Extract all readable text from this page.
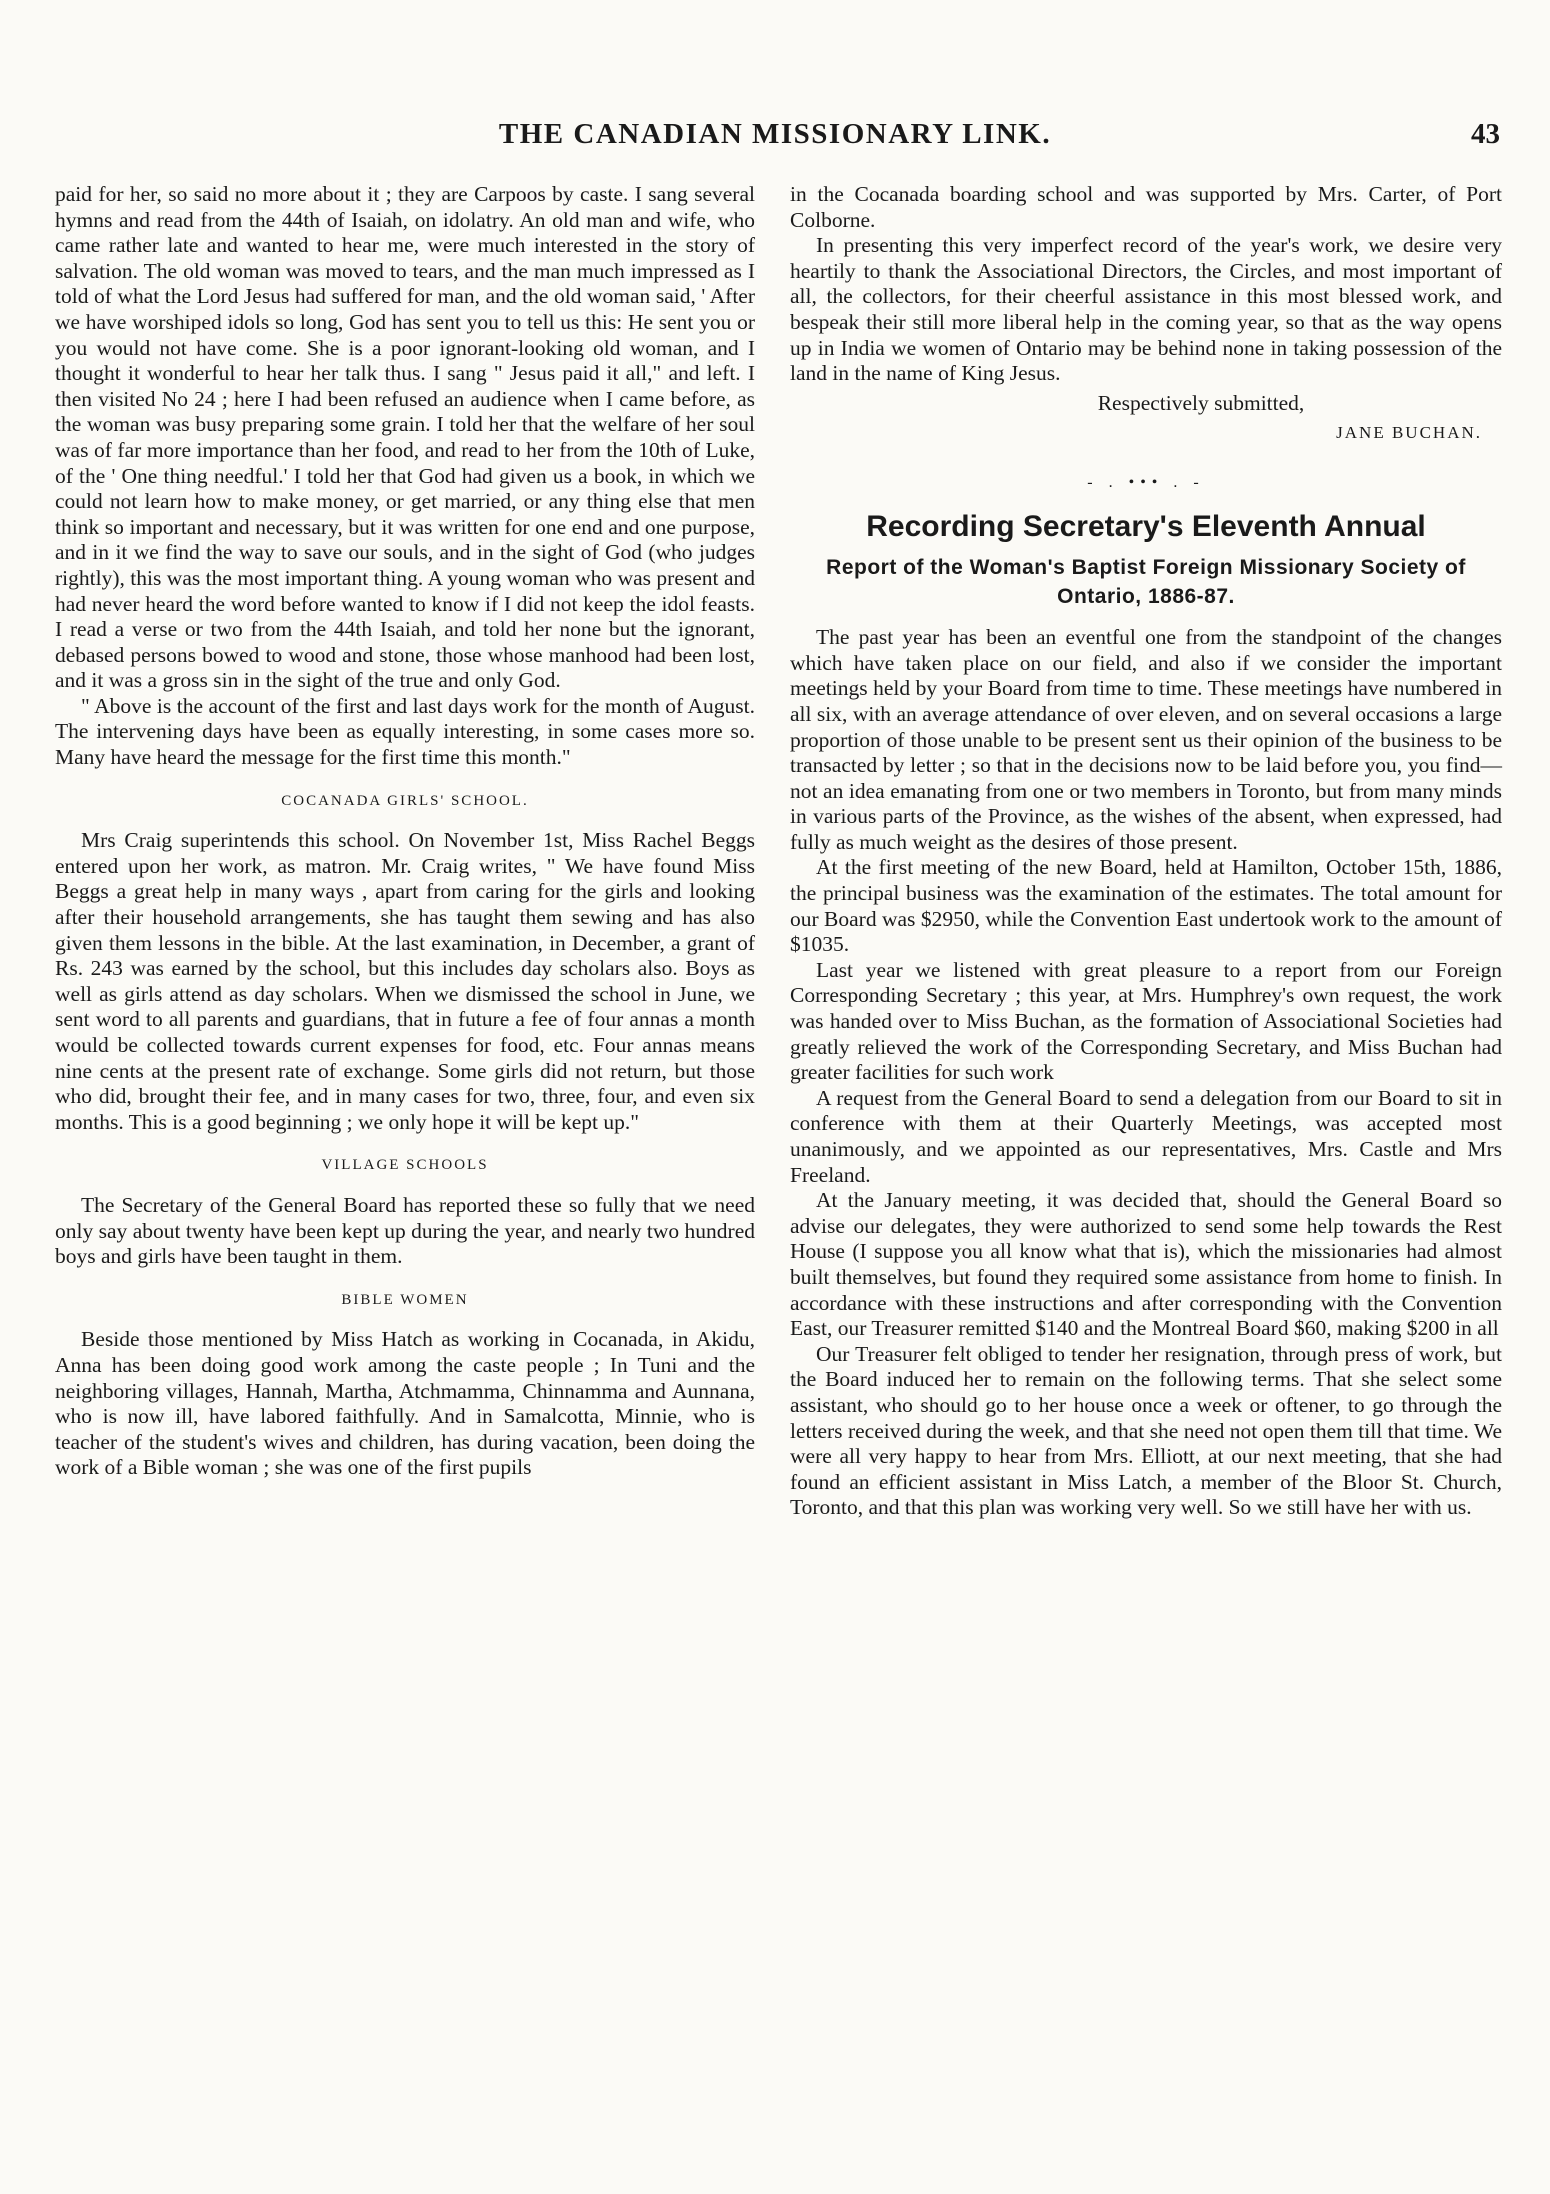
THE CANADIAN MISSIONARY LINK.	43

paid for her, so said no more about it ; they are Carpoos by caste. I sang several hymns and read from the 44th of Isaiah, on idolatry. An old man and wife, who came rather late and wanted to hear me, were much interested in the story of salvation. The old woman was moved to tears, and the man much impressed as I told of what the Lord Jesus had suffered for man, and the old woman said, ' After we have worshiped idols so long, God has sent you to tell us this: He sent you or you would not have come. She is a poor ignorant-looking old woman, and I thought it wonderful to hear her talk thus. I sang " Jesus paid it all," and left. I then visited No 24 ; here I had been refused an audience when I came before, as the woman was busy preparing some grain. I told her that the welfare of her soul was of far more importance than her food, and read to her from the 10th of Luke, of the ' One thing needful.' I told her that God had given us a book, in which we could not learn how to make money, or get married, or any thing else that men think so important and necessary, but it was written for one end and one purpose, and in it we find the way to save our souls, and in the sight of God (who judges rightly), this was the most important thing. A young woman who was present and had never heard the word before wanted to know if I did not keep the idol feasts. I read a verse or two from the 44th Isaiah, and told her none but the ignorant, debased persons bowed to wood and stone, those whose manhood had been lost, and it was a gross sin in the sight of the true and only God.

" Above is the account of the first and last days work for the month of August. The intervening days have been as equally interesting, in some cases more so. Many have heard the message for the first time this month."

COCANADA GIRLS' SCHOOL.

Mrs Craig superintends this school. On November 1st, Miss Rachel Beggs entered upon her work, as matron. Mr. Craig writes, " We have found Miss Beggs a great help in many ways , apart from caring for the girls and looking after their household arrangements, she has taught them sewing and has also given them lessons in the bible. At the last examination, in December, a grant of Rs. 243 was earned by the school, but this includes day scholars also. Boys as well as girls attend as day scholars. When we dismissed the school in June, we sent word to all parents and guardians, that in future a fee of four annas a month would be collected towards current expenses for food, etc. Four annas means nine cents at the present rate of exchange. Some girls did not return, but those who did, brought their fee, and in many cases for two, three, four, and even six months. This is a good beginning ; we only hope it will be kept up."

VILLAGE SCHOOLS

The Secretary of the General Board has reported these so fully that we need only say about twenty have been kept up during the year, and nearly two hundred boys and girls have been taught in them.

BIBLE WOMEN

Beside those mentioned by Miss Hatch as working in Cocanada, in Akidu, Anna has been doing good work among the caste people ; In Tuni and the neighboring villages, Hannah, Martha, Atchmamma, Chinnamma and Aunnana, who is now ill, have labored faithfully. And in Samalcotta, Minnie, who is teacher of the student's wives and children, has during vacation, been doing the work of a Bible woman ; she was one of the first pupils

in the Cocanada boarding school and was supported by Mrs. Carter, of Port Colborne.

In presenting this very imperfect record of the year's work, we desire very heartily to thank the Associational Directors, the Circles, and most important of all, the collectors, for their cheerful assistance in this most blessed work, and bespeak their still more liberal help in the coming year, so that as the way opens up in India we women of Ontario may be behind none in taking possession of the land in the name of King Jesus.

Respectively submitted,
JANE BUCHAN.
- . ••• . -
Recording Secretary's Eleventh Annual
Report of the Woman's Baptist Foreign Missionary Society of Ontario, 1886-87.

The past year has been an eventful one from the standpoint of the changes which have taken place on our field, and also if we consider the important meetings held by your Board from time to time. These meetings have numbered in all six, with an average attendance of over eleven, and on several occasions a large proportion of those unable to be present sent us their opinion of the business to be transacted by letter ; so that in the decisions now to be laid before you, you find—not an idea emanating from one or two members in Toronto, but from many minds in various parts of the Province, as the wishes of the absent, when expressed, had fully as much weight as the desires of those present.

At the first meeting of the new Board, held at Hamilton, October 15th, 1886, the principal business was the examination of the estimates. The total amount for our Board was $2950, while the Convention East undertook work to the amount of $1035.

Last year we listened with great pleasure to a report from our Foreign Corresponding Secretary ; this year, at Mrs. Humphrey's own request, the work was handed over to Miss Buchan, as the formation of Associational Societies had greatly relieved the work of the Corresponding Secretary, and Miss Buchan had greater facilities for such work

A request from the General Board to send a delegation from our Board to sit in conference with them at their Quarterly Meetings, was accepted most unanimously, and we appointed as our representatives, Mrs. Castle and Mrs Freeland.

At the January meeting, it was decided that, should the General Board so advise our delegates, they were authorized to send some help towards the Rest House (I suppose you all know what that is), which the missionaries had almost built themselves, but found they required some assistance from home to finish. In accordance with these instructions and after corresponding with the Convention East, our Treasurer remitted $140 and the Montreal Board $60, making $200 in all

Our Treasurer felt obliged to tender her resignation, through press of work, but the Board induced her to remain on the following terms. That she select some assistant, who should go to her house once a week or oftener, to go through the letters received during the week, and that she need not open them till that time. We were all very happy to hear from Mrs. Elliott, at our next meeting, that she had found an efficient assistant in Miss Latch, a member of the Bloor St. Church, Toronto, and that this plan was working very well. So we still have her with us.
